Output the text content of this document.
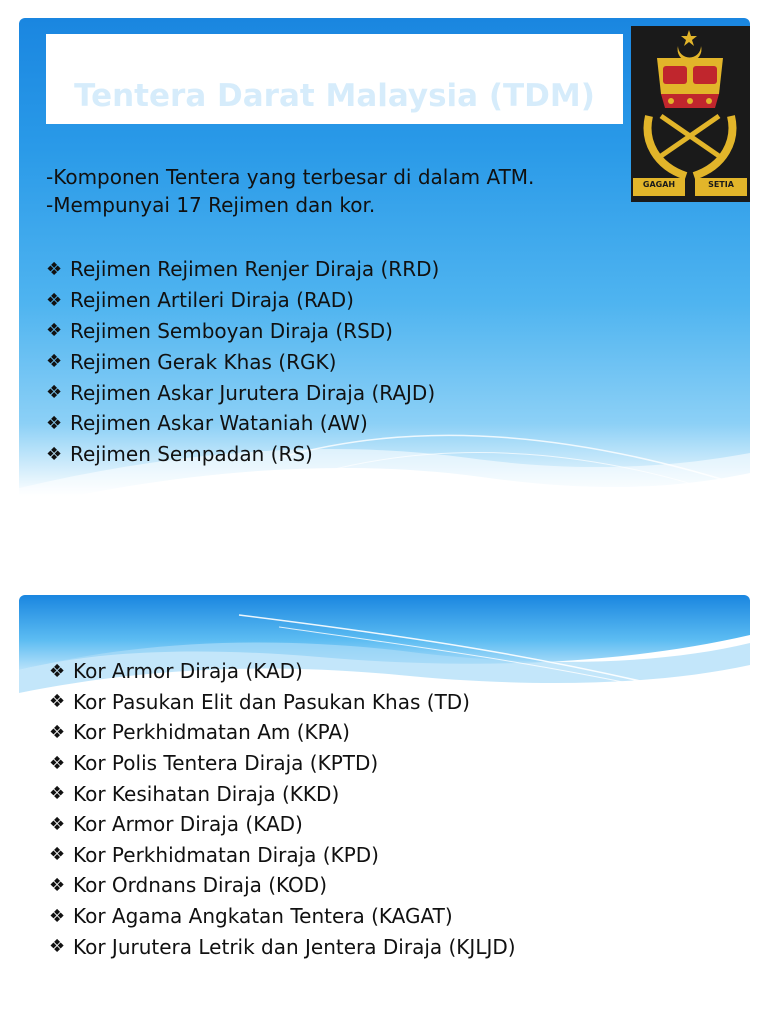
Tentera Darat Malaysia (TDM)
GAGAH	SETIA
-Komponen Tentera yang terbesar di dalam ATM.
-Mempunyai 17 Rejimen dan kor.
❖ Rejimen Rejimen Renjer Diraja (RRD)
❖ Rejimen Artileri Diraja (RAD)
❖ Rejimen Semboyan Diraja (RSD)
❖ Rejimen Gerak Khas (RGK)
❖ Rejimen Askar Jurutera Diraja (RAJD)
❖ Rejimen Askar Wataniah (AW)
❖ Rejimen Sempadan (RS)
❖ Kor Armor Diraja (KAD)
❖ Kor Pasukan Elit dan Pasukan Khas (TD)
❖ Kor Perkhidmatan Am (KPA)
❖ Kor Polis Tentera Diraja (KPTD)
❖ Kor Kesihatan Diraja (KKD)
❖ Kor Armor Diraja (KAD)
❖ Kor Perkhidmatan Diraja (KPD)
❖ Kor Ordnans Diraja (KOD)
❖ Kor Agama Angkatan Tentera (KAGAT)
❖ Kor Jurutera Letrik dan Jentera Diraja (KJLJD)
